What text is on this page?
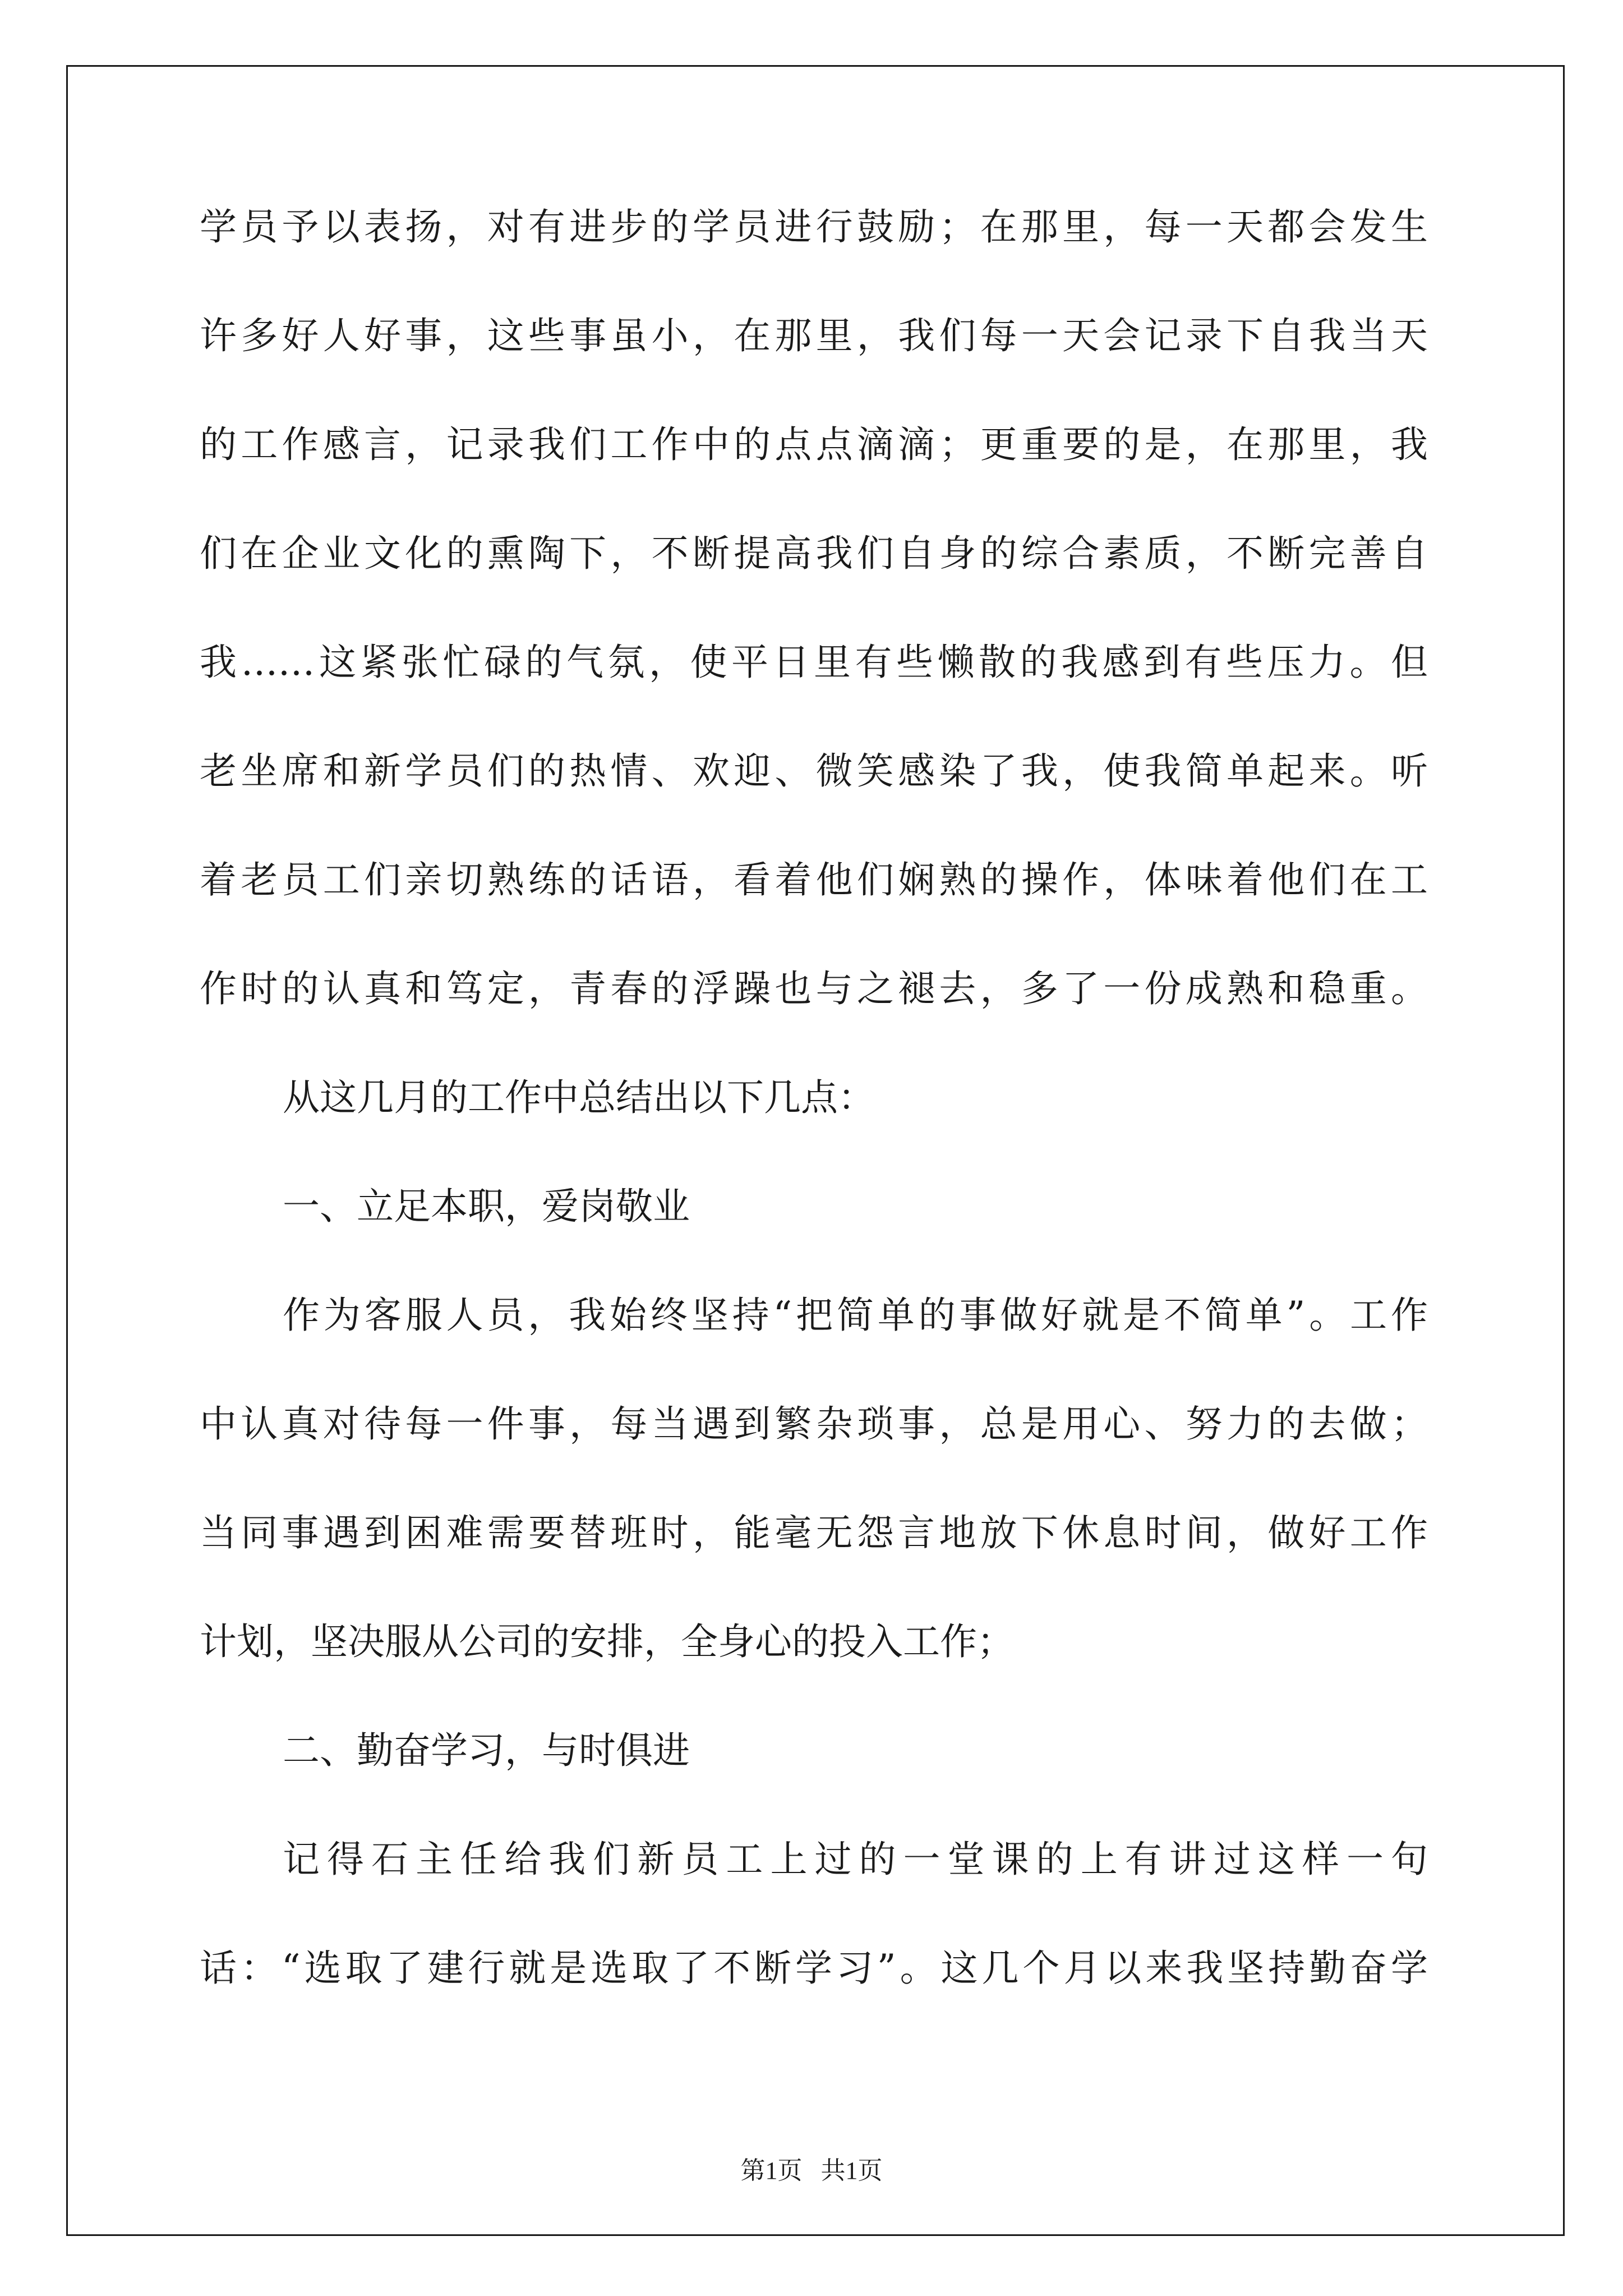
学员予以表扬，对有进步的学员进行鼓励；在那里，每一天都会发生
许多好人好事，这些事虽小，在那里，我们每一天会记录下自我当天
的工作感言，记录我们工作中的点点滴滴；更重要的是，在那里，我
们在企业文化的熏陶下，不断提高我们自身的综合素质，不断完善自
我……这紧张忙碌的气氛，使平日里有些懒散的我感到有些压力。但
老坐席和新学员们的热情、欢迎、微笑感染了我，使我简单起来。听
着老员工们亲切熟练的话语，看着他们娴熟的操作，体味着他们在工
作时的认真和笃定，青春的浮躁也与之褪去，多了一份成熟和稳重。
从这几月的工作中总结出以下几点：
一、立足本职，爱岗敬业
作为客服人员，我始终坚持“把简单的事做好就是不简单”。工作
中认真对待每一件事，每当遇到繁杂琐事，总是用心、努力的去做；
当同事遇到困难需要替班时，能毫无怨言地放下休息时间，做好工作
计划，坚决服从公司的安排，全身心的投入工作；
二、勤奋学习，与时俱进
记得石主任给我们新员工上过的一堂课的上有讲过这样一句
话：“选取了建行就是选取了不断学习”。这几个月以来我坚持勤奋学
第1页   共1页
